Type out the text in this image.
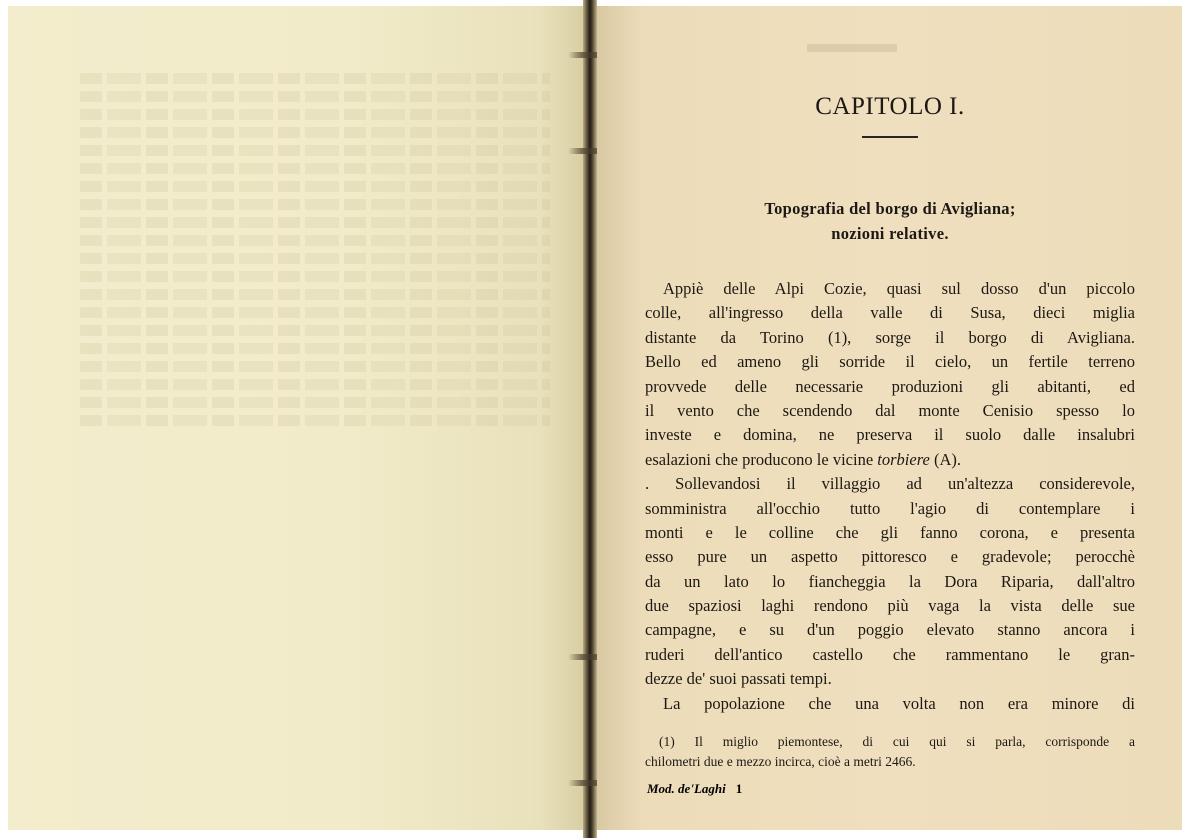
CAPITOLO I.
Topografia del borgo di Avigliana;
nozioni relative.
Appiè delle Alpi Cozie, quasi sul dosso d'un piccolo
colle, all'ingresso della valle di Susa, dieci miglia
distante da Torino (1), sorge il borgo di Avigliana.
Bello ed ameno gli sorride il cielo, un fertile terreno
provvede delle necessarie produzioni gli abitanti, ed
il vento che scendendo dal monte Cenisio spesso lo
investe e domina, ne preserva il suolo dalle insalubri
esalazioni che producono le vicine torbiere (A).
. Sollevandosi il villaggio ad un'altezza considerevole,
somministra all'occhio tutto l'agio di contemplare i
monti e le colline che gli fanno corona, e presenta
esso pure un aspetto pittoresco e gradevole; perocchè
da un lato lo fiancheggia la Dora Riparia, dall'altro
due spaziosi laghi rendono più vaga la vista delle sue
campagne, e su d'un poggio elevato stanno ancora i
ruderi dell'antico castello che rammentano le gran-
dezze de' suoi passati tempi.
La popolazione che una volta non era minore di
(1) Il miglio piemontese, di cui qui si parla, corrisponde a
chilometri due e mezzo incirca, cioè a metri 2466.
Mod. de'Laghi 1
